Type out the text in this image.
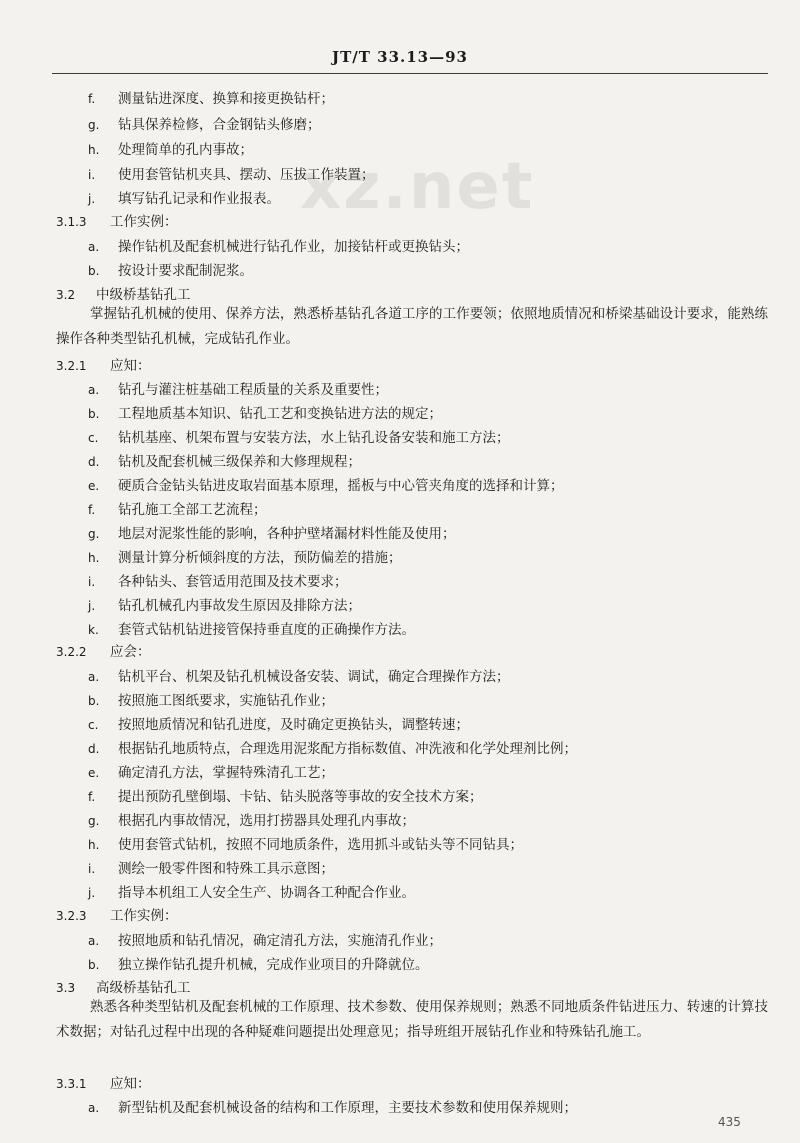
JT/T 33.13—93
xz.net
f. 测量钻进深度、换算和接更换钻杆；
g. 钻具保养检修，合金钢钻头修磨；
h. 处理简单的孔内事故；
i. 使用套管钻机夹具、摆动、压拔工作装置；
j. 填写钻孔记录和作业报表。
3.1.3 工作实例：
a. 操作钻机及配套机械进行钻孔作业，加接钻杆或更换钻头；
b. 按设计要求配制泥浆。
3.2 中级桥基钻孔工
掌握钻孔机械的使用、保养方法，熟悉桥基钻孔各道工序的工作要领；依照地质情况和桥梁基础设计要求，能熟练操作各种类型钻孔机械，完成钻孔作业。
3.2.1 应知：
a. 钻孔与灌注桩基础工程质量的关系及重要性；
b. 工程地质基本知识、钻孔工艺和变换钻进方法的规定；
c. 钻机基座、机架布置与安装方法，水上钻孔设备安装和施工方法；
d. 钻机及配套机械三级保养和大修理规程；
e. 硬质合金钻头钻进皮取岩面基本原理，摇板与中心管夹角度的选择和计算；
f. 钻孔施工全部工艺流程；
g. 地层对泥浆性能的影响，各种护壁堵漏材料性能及使用；
h. 测量计算分析倾斜度的方法，预防偏差的措施；
i. 各种钻头、套管适用范围及技术要求；
j. 钻孔机械孔内事故发生原因及排除方法；
k. 套管式钻机钻进接管保持垂直度的正确操作方法。
3.2.2 应会：
a. 钻机平台、机架及钻孔机械设备安装、调试，确定合理操作方法；
b. 按照施工图纸要求，实施钻孔作业；
c. 按照地质情况和钻孔进度，及时确定更换钻头，调整转速；
d. 根据钻孔地质特点，合理选用泥浆配方指标数值、冲洗液和化学处理剂比例；
e. 确定清孔方法，掌握特殊清孔工艺；
f. 提出预防孔壁倒塌、卡钻、钻头脱落等事故的安全技术方案；
g. 根据孔内事故情况，选用打捞器具处理孔内事故；
h. 使用套管式钻机，按照不同地质条件，选用抓斗或钻头等不同钻具；
i. 测绘一般零件图和特殊工具示意图；
j. 指导本机组工人安全生产、协调各工种配合作业。
3.2.3 工作实例：
a. 按照地质和钻孔情况，确定清孔方法，实施清孔作业；
b. 独立操作钻孔提升机械，完成作业项目的升降就位。
3.3 高级桥基钻孔工
熟悉各种类型钻机及配套机械的工作原理、技术参数、使用保养规则；熟悉不同地质条件钻进压力、转速的计算技术数据；对钻孔过程中出现的各种疑难问题提出处理意见；指导班组开展钻孔作业和特殊钻孔施工。
3.3.1 应知：
a. 新型钻机及配套机械设备的结构和工作原理，主要技术参数和使用保养规则；
435
